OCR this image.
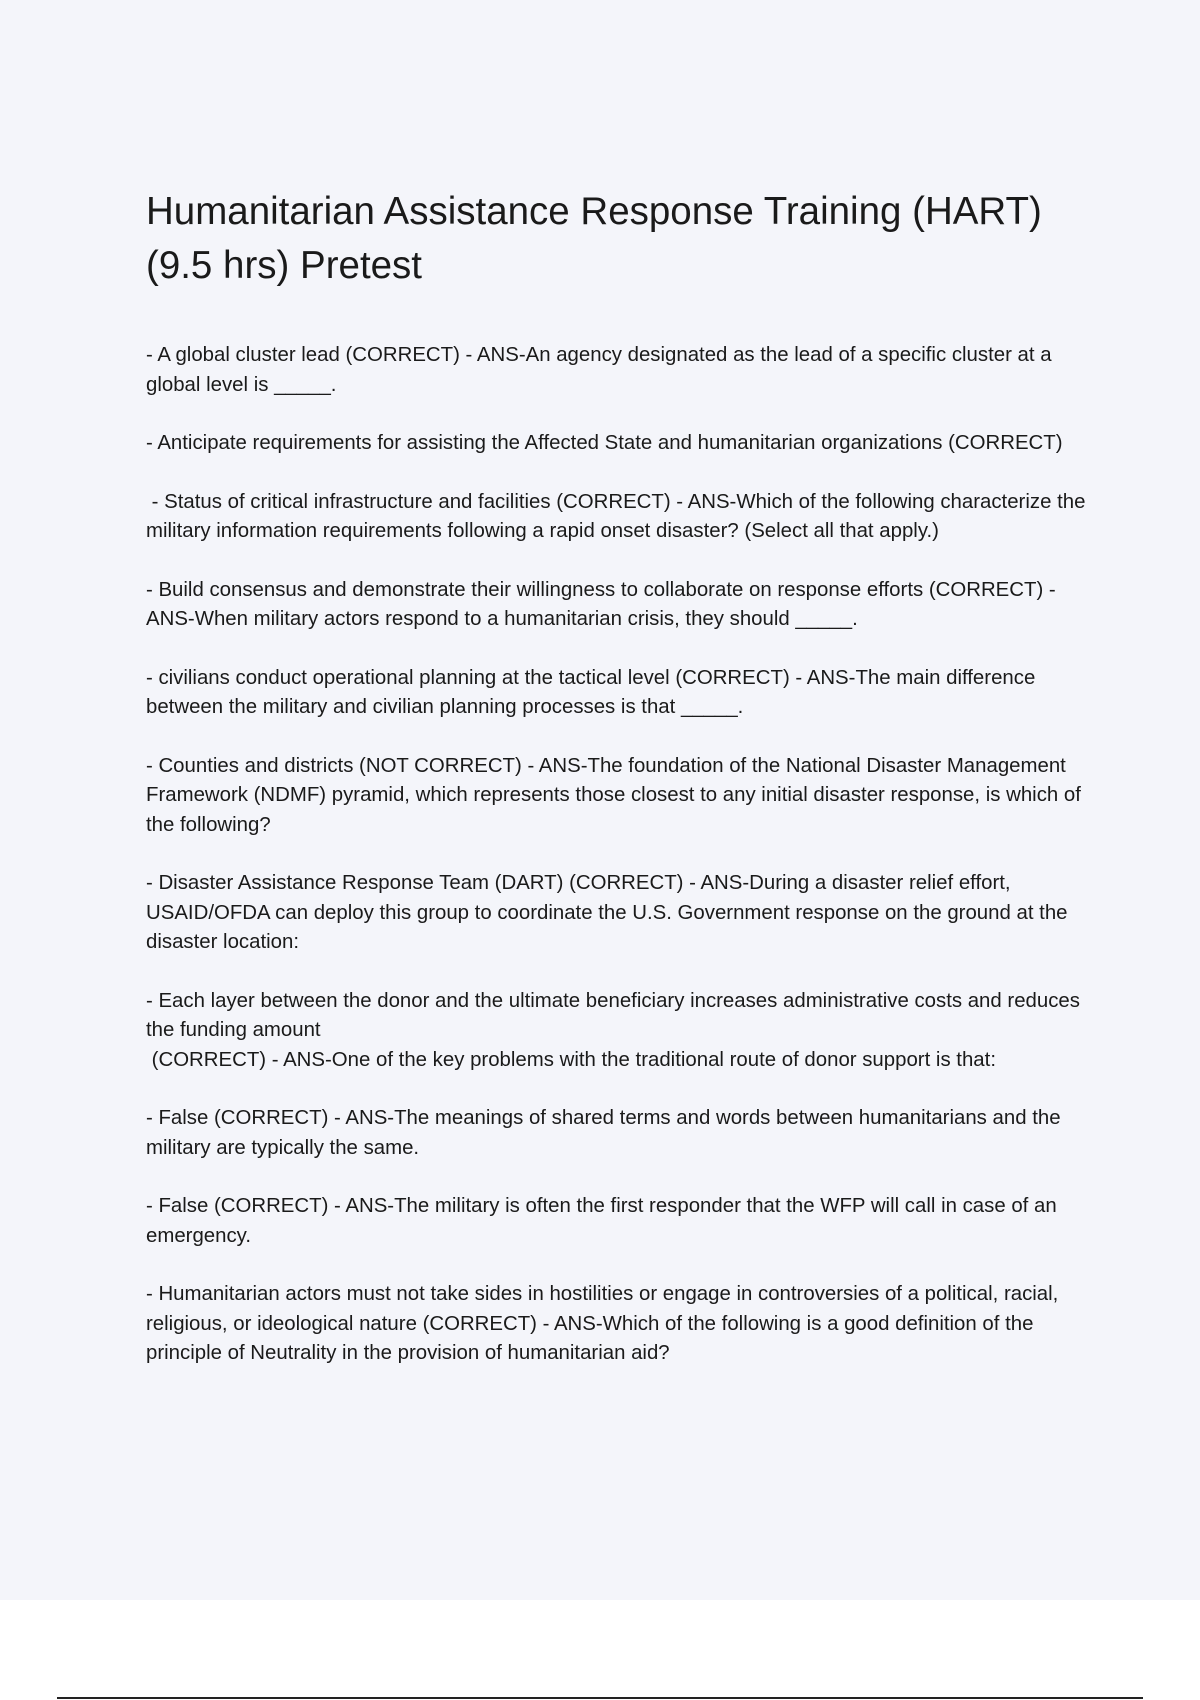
Humanitarian Assistance Response Training (HART) (9.5 hrs) Pretest

- A global cluster lead (CORRECT) - ANS-An agency designated as the lead of a specific cluster at a global level is _____.

- Anticipate requirements for assisting the Affected State and humanitarian organizations (CORRECT)

- Status of critical infrastructure and facilities (CORRECT) - ANS-Which of the following characterize the military information requirements following a rapid onset disaster? (Select all that apply.)

- Build consensus and demonstrate their willingness to collaborate on response efforts (CORRECT) - ANS-When military actors respond to a humanitarian crisis, they should _____.

- civilians conduct operational planning at the tactical level (CORRECT) - ANS-The main difference between the military and civilian planning processes is that _____.

- Counties and districts (NOT CORRECT) - ANS-The foundation of the National Disaster Management Framework (NDMF) pyramid, which represents those closest to any initial disaster response, is which of the following?

- Disaster Assistance Response Team (DART) (CORRECT) - ANS-During a disaster relief effort, USAID/OFDA can deploy this group to coordinate the U.S. Government response on the ground at the disaster location:

- Each layer between the donor and the ultimate beneficiary increases administrative costs and reduces the funding amount
(CORRECT) - ANS-One of the key problems with the traditional route of donor support is that:

- False (CORRECT) - ANS-The meanings of shared terms and words between humanitarians and the military are typically the same.

- False (CORRECT) - ANS-The military is often the first responder that the WFP will call in case of an emergency.

- Humanitarian actors must not take sides in hostilities or engage in controversies of a political, racial, religious, or ideological nature (CORRECT) - ANS-Which of the following is a good definition of the principle of Neutrality in the provision of humanitarian aid?
